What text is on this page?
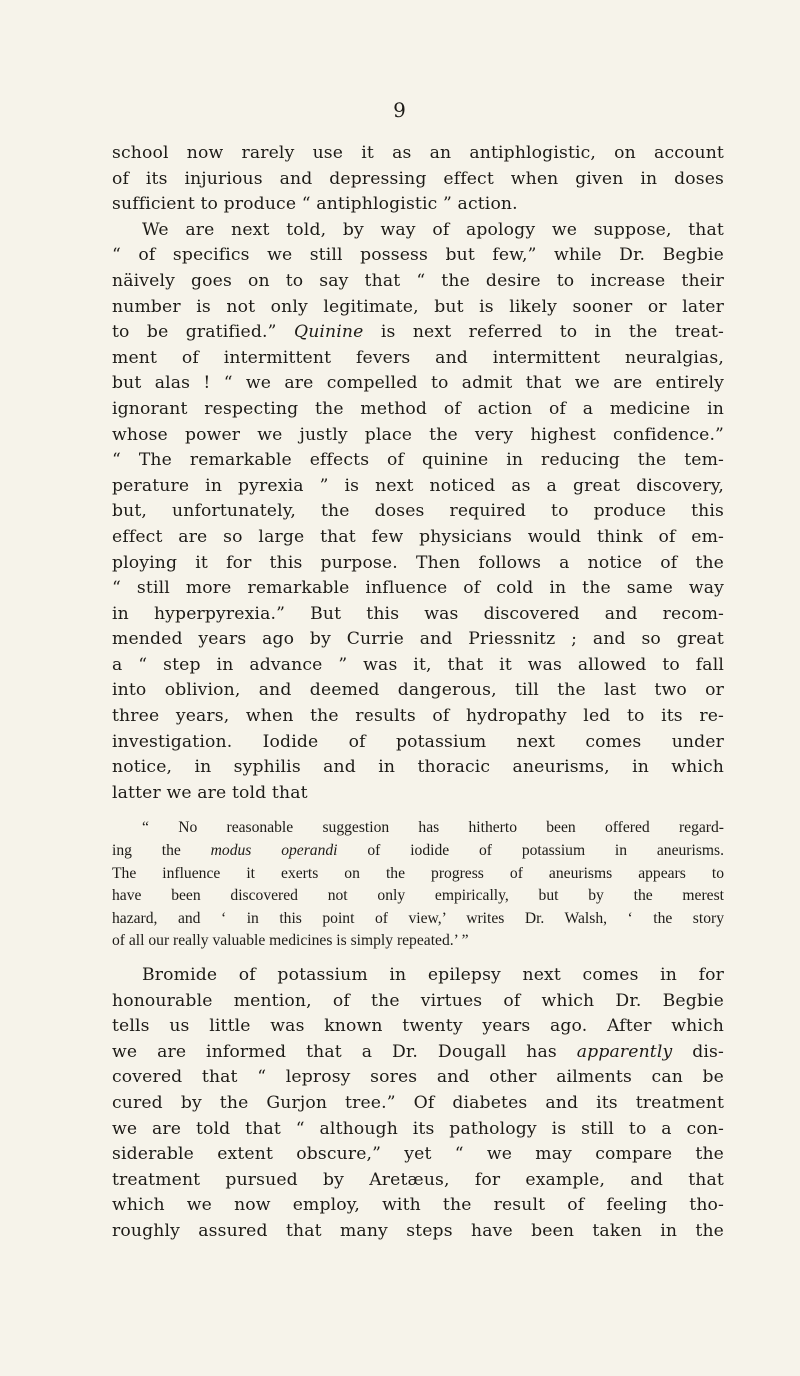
9
school now rarely use it as an antiphlogistic, on account
of its injurious and depressing effect when given in doses
sufficient to produce “ antiphlogistic ” action.
We are next told, by way of apology we suppose, that
“ of specifics we still possess but few,” while Dr. Begbie
näively goes on to say that “ the desire to increase their
number is not only legitimate, but is likely sooner or later
to be gratified.” Quinine is next referred to in the treat-
ment of intermittent fevers and intermittent neuralgias,
but alas ! “ we are compelled to admit that we are entirely
ignorant respecting the method of action of a medicine in
whose power we justly place the very highest confidence.”
“ The remarkable effects of quinine in reducing the tem-
perature in pyrexia ” is next noticed as a great discovery,
but, unfortunately, the doses required to produce this
effect are so large that few physicians would think of em-
ploying it for this purpose. Then follows a notice of the
“ still more remarkable influence of cold in the same way
in hyperpyrexia.” But this was discovered and recom-
mended years ago by Currie and Priessnitz ; and so great
a “ step in advance ” was it, that it was allowed to fall
into oblivion, and deemed dangerous, till the last two or
three years, when the results of hydropathy led to its re-
investigation. Iodide of potassium next comes under
notice, in syphilis and in thoracic aneurisms, in which
latter we are told that
“ No reasonable suggestion has hitherto been offered regard-
ing the modus operandi of iodide of potassium in aneurisms.
The influence it exerts on the progress of aneurisms appears to
have been discovered not only empirically, but by the merest
hazard, and ‘ in this point of view,’ writes Dr. Walsh, ‘ the story
of all our really valuable medicines is simply repeated.’ ”
Bromide of potassium in epilepsy next comes in for
honourable mention, of the virtues of which Dr. Begbie
tells us little was known twenty years ago. After which
we are informed that a Dr. Dougall has apparently dis-
covered that “ leprosy sores and other ailments can be
cured by the Gurjon tree.” Of diabetes and its treatment
we are told that “ although its pathology is still to a con-
siderable extent obscure,” yet “ we may compare the
treatment pursued by Aretæus, for example, and that
which we now employ, with the result of feeling tho-
roughly assured that many steps have been taken in the
